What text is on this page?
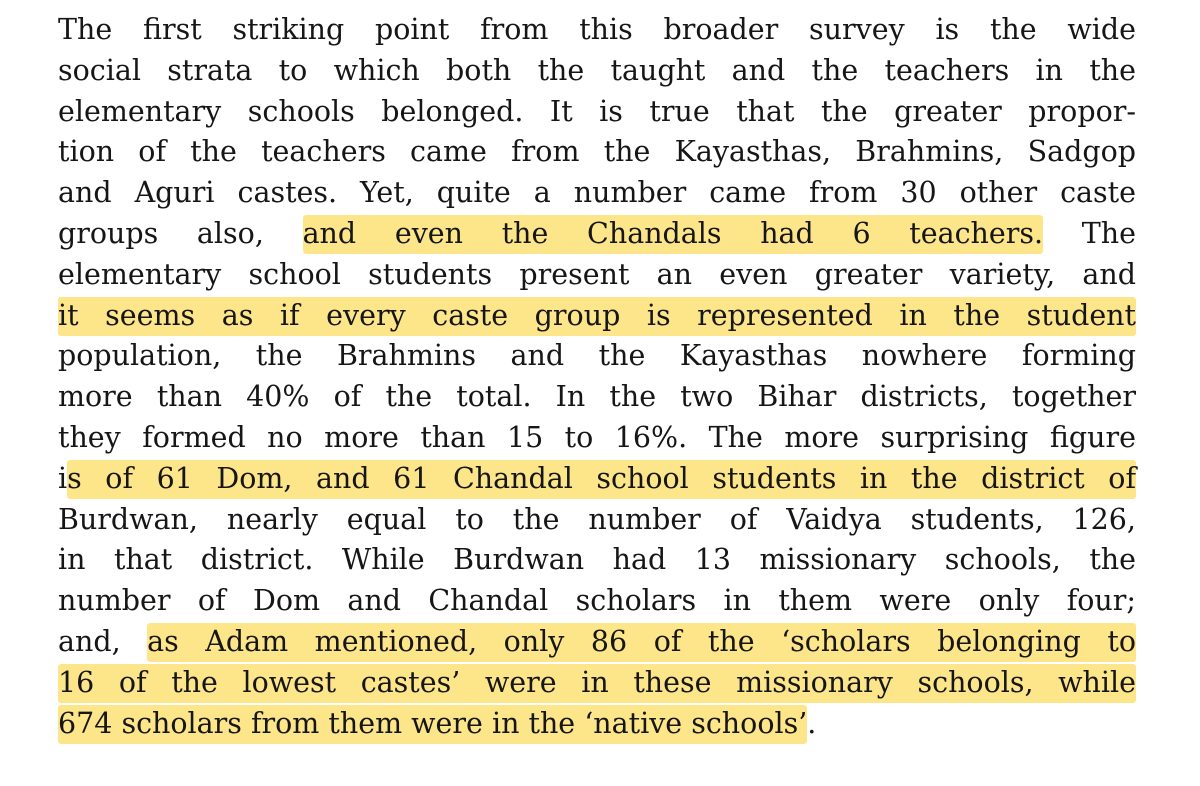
The first striking point from this broader survey is the wide
social strata to which both the taught and the teachers in the
elementary schools belonged. It is true that the greater propor-
tion of the teachers came from the Kayasthas, Brahmins, Sadgop
and Aguri castes. Yet, quite a number came from 30 other caste
groups also, and even the Chandals had 6 teachers. The
elementary school students present an even greater variety, and
it seems as if every caste group is represented in the student
population, the Brahmins and the Kayasthas nowhere forming
more than 40% of the total. In the two Bihar districts, together
they formed no more than 15 to 16%. The more surprising figure
is of 61 Dom, and 61 Chandal school students in the district of
Burdwan, nearly equal to the number of Vaidya students, 126,
in that district. While Burdwan had 13 missionary schools, the
number of Dom and Chandal scholars in them were only four;
and, as Adam mentioned, only 86 of the ‘scholars belonging to
16 of the lowest castes’ were in these missionary schools, while
674 scholars from them were in the ‘native schools’.
